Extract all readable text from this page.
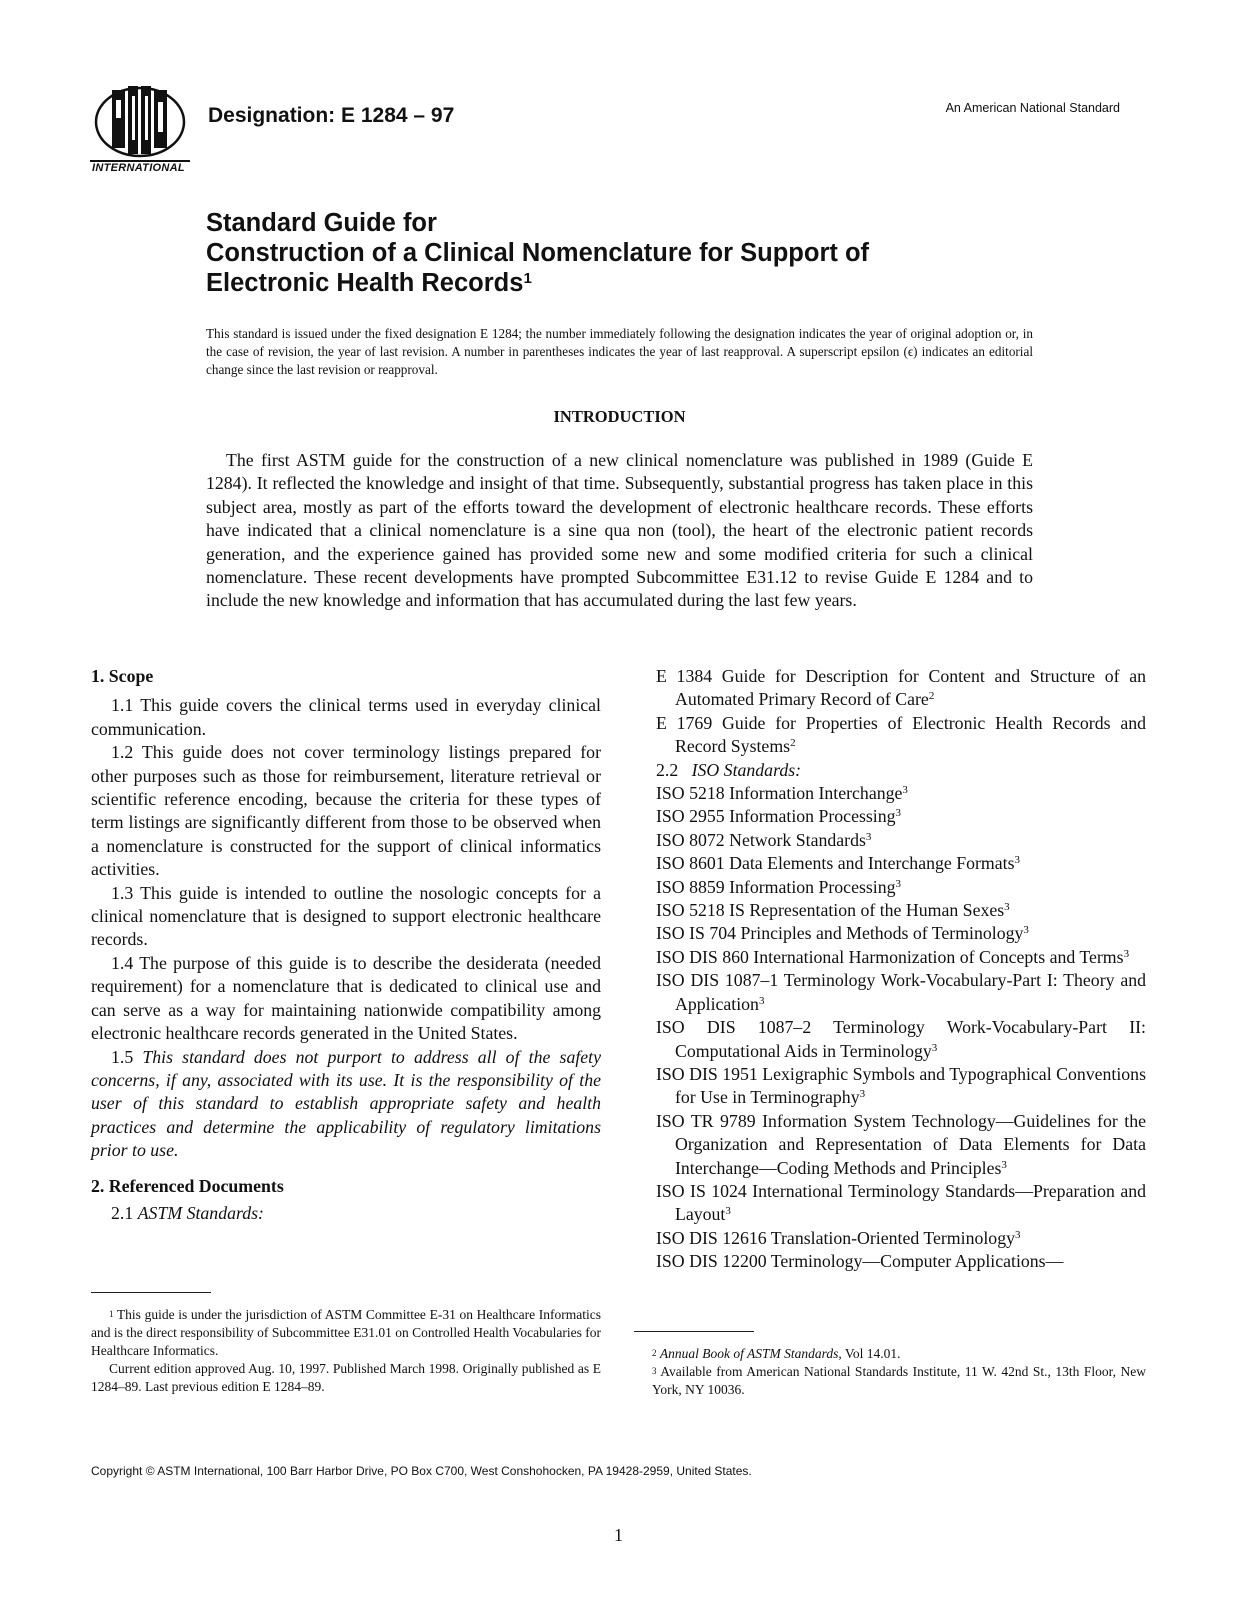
INTERNATIONAL
Designation: E 1284 – 97	An American National Standard
Standard Guide for
Construction of a Clinical Nomenclature for Support of
Electronic Health Records$^1$
This standard is issued under the fixed designation E 1284; the number immediately following the designation indicates the year of original adoption or, in the case of revision, the year of last revision. A number in parentheses indicates the year of last reapproval. A superscript epsilon (ϵ) indicates an editorial change since the last revision or reapproval.
INTRODUCTION
The first ASTM guide for the construction of a new clinical nomenclature was published in 1989 (Guide E 1284). It reflected the knowledge and insight of that time. Subsequently, substantial progress has taken place in this subject area, mostly as part of the efforts toward the development of electronic healthcare records. These efforts have indicated that a clinical nomenclature is a sine qua non (tool), the heart of the electronic patient records generation, and the experience gained has provided some new and some modified criteria for such a clinical nomenclature. These recent developments have prompted Subcommittee E31.12 to revise Guide E 1284 and to include the new knowledge and information that has accumulated during the last few years.

1. Scope

1.1 This guide covers the clinical terms used in everyday clinical communication.

1.2 This guide does not cover terminology listings prepared for other purposes such as those for reimbursement, literature retrieval or scientific reference encoding, because the criteria for these types of term listings are significantly different from those to be observed when a nomenclature is constructed for the support of clinical informatics activities.

1.3 This guide is intended to outline the nosologic concepts for a clinical nomenclature that is designed to support electronic healthcare records.

1.4 The purpose of this guide is to describe the desiderata (needed requirement) for a nomenclature that is dedicated to clinical use and can serve as a way for maintaining nationwide compatibility among electronic healthcare records generated in the United States.

1.5 This standard does not purport to address all of the safety concerns, if any, associated with its use. It is the responsibility of the user of this standard to establish appropriate safety and health practices and determine the applicability of regulatory limitations prior to use.

2. Referenced Documents

2.1 ASTM Standards:

E 1384 Guide for Description for Content and Structure of an Automated Primary Record of Care$^2$

E 1769 Guide for Properties of Electronic Health Records and Record Systems$^2$

2.2 ISO Standards:

ISO 5218 Information Interchange$^3$

ISO 2955 Information Processing$^3$

ISO 8072 Network Standards$^3$

ISO 8601 Data Elements and Interchange Formats$^3$

ISO 8859 Information Processing$^3$

ISO 5218 IS Representation of the Human Sexes$^3$

ISO IS 704 Principles and Methods of Terminology$^3$

ISO DIS 860 International Harmonization of Concepts and Terms$^3$

ISO DIS 1087–1 Terminology Work-Vocabulary-Part I: Theory and Application$^3$

ISO DIS 1087–2 Terminology Work-Vocabulary-Part II: Computational Aids in Terminology$^3$

ISO DIS 1951 Lexigraphic Symbols and Typographical Conventions for Use in Terminography$^3$

ISO TR 9789 Information System Technology—Guidelines for the Organization and Representation of Data Elements for Data Interchange—Coding Methods and Principles$^3$

ISO IS 1024 International Terminology Standards—Preparation and Layout$^3$

ISO DIS 12616 Translation-Oriented Terminology$^3$

ISO DIS 12200 Terminology—Computer Applications—

$^1$ This guide is under the jurisdiction of ASTM Committee E-31 on Healthcare Informatics and is the direct responsibility of Subcommittee E31.01 on Controlled Health Vocabularies for Healthcare Informatics.

Current edition approved Aug. 10, 1997. Published March 1998. Originally published as E 1284–89. Last previous edition E 1284–89.

$^2$ Annual Book of ASTM Standards, Vol 14.01.

$^3$ Available from American National Standards Institute, 11 W. 42nd St., 13th Floor, New York, NY 10036.

Copyright © ASTM International, 100 Barr Harbor Drive, PO Box C700, West Conshohocken, PA 19428-2959, United States.
1
